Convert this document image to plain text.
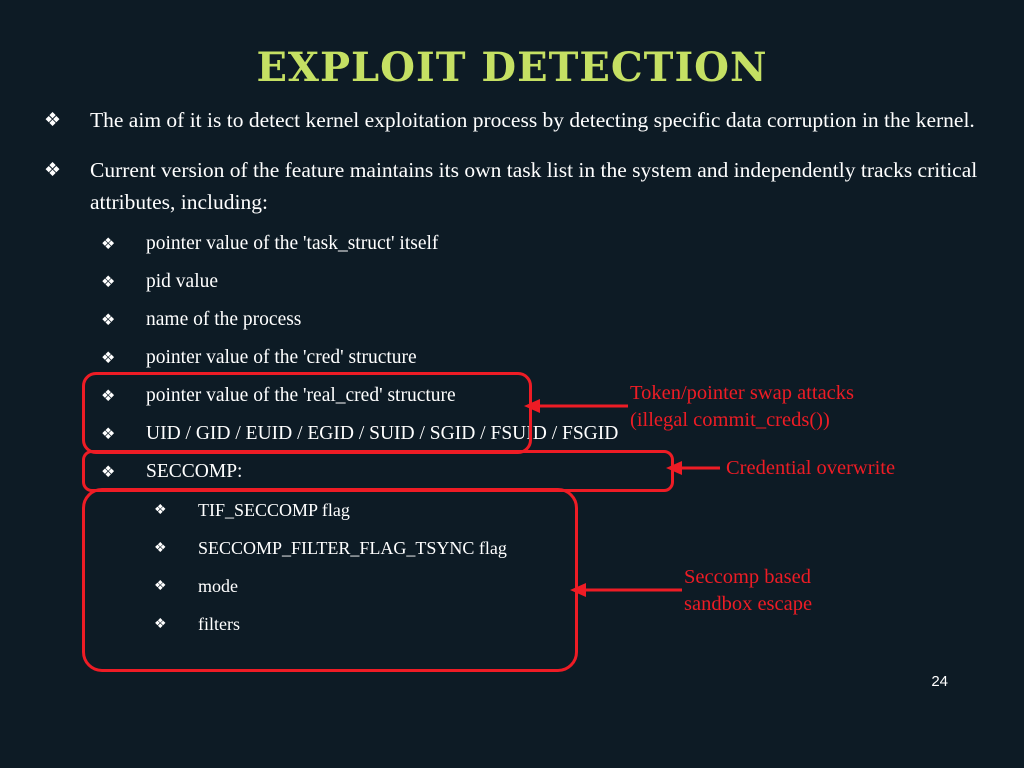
EXPLOIT DETECTION
❖ The aim of it is to detect kernel exploitation process by detecting specific data corruption in the kernel.
❖ Current version of the feature maintains its own task list in the system and independently tracks critical attributes, including:
❖ pointer value of the 'task_struct' itself
❖ pid value
❖ name of the process
❖ pointer value of the 'cred' structure
❖ pointer value of the 'real_cred' structure
❖ UID / GID / EUID / EGID / SUID / SGID / FSUID / FSGID
❖ SECCOMP:
❖ TIF_SECCOMP flag
❖ SECCOMP_FILTER_FLAG_TSYNC flag
❖ mode
❖ filters
Token/pointer swap attacks
(illegal commit_creds())
Credential overwrite
Seccomp based
sandbox escape
24
